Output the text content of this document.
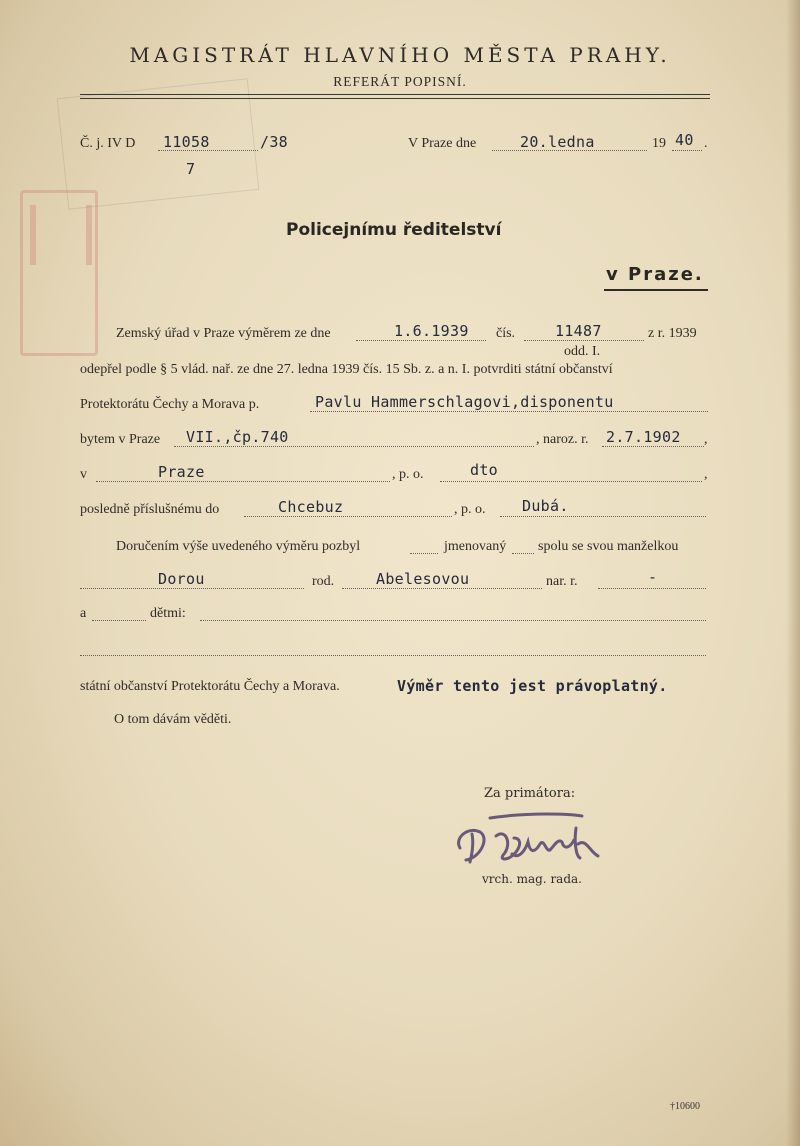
MAGISTRÁT HLAVNÍHO MĚSTA PRAHY.
REFERÁT POPISNÍ.
Č. j. IV D 11058	/38
7
V Praze dne	20.ledna	19 40 .
Policejnímu ředitelství
v Praze.
Zemský úřad v Praze výměrem ze dne	1.6.1939 čís.	11487	z r. 1939
odd. I.
odepřel podle § 5 vlád. nař. ze dne 27. ledna 1939 čís. 15 Sb. z. a n. I. potvrditi státní občanství
Protektorátu Čechy a Morava p.	Pavlu Hammerschlagovi,disponentu
bytem v Praze VII.,čp.740	, naroz. r. 2.7.1902 ,
v	Praze	, p. o.	dto	,
posledně příslušnému do	Chcebuz	, p. o. Dubá.
Doručením výše uvedeného výměru pozbyl	jmenovaný spolu se svou manželkou
Dorou	rod.	Abelesovou	nar. r.	-
a	dětmi:
státní občanství Protektorátu Čechy a Morava.	Výměr tento jest právoplatný.
O tom dávám věděti.
Za primátora:
vrch. mag. rada.
†10600
